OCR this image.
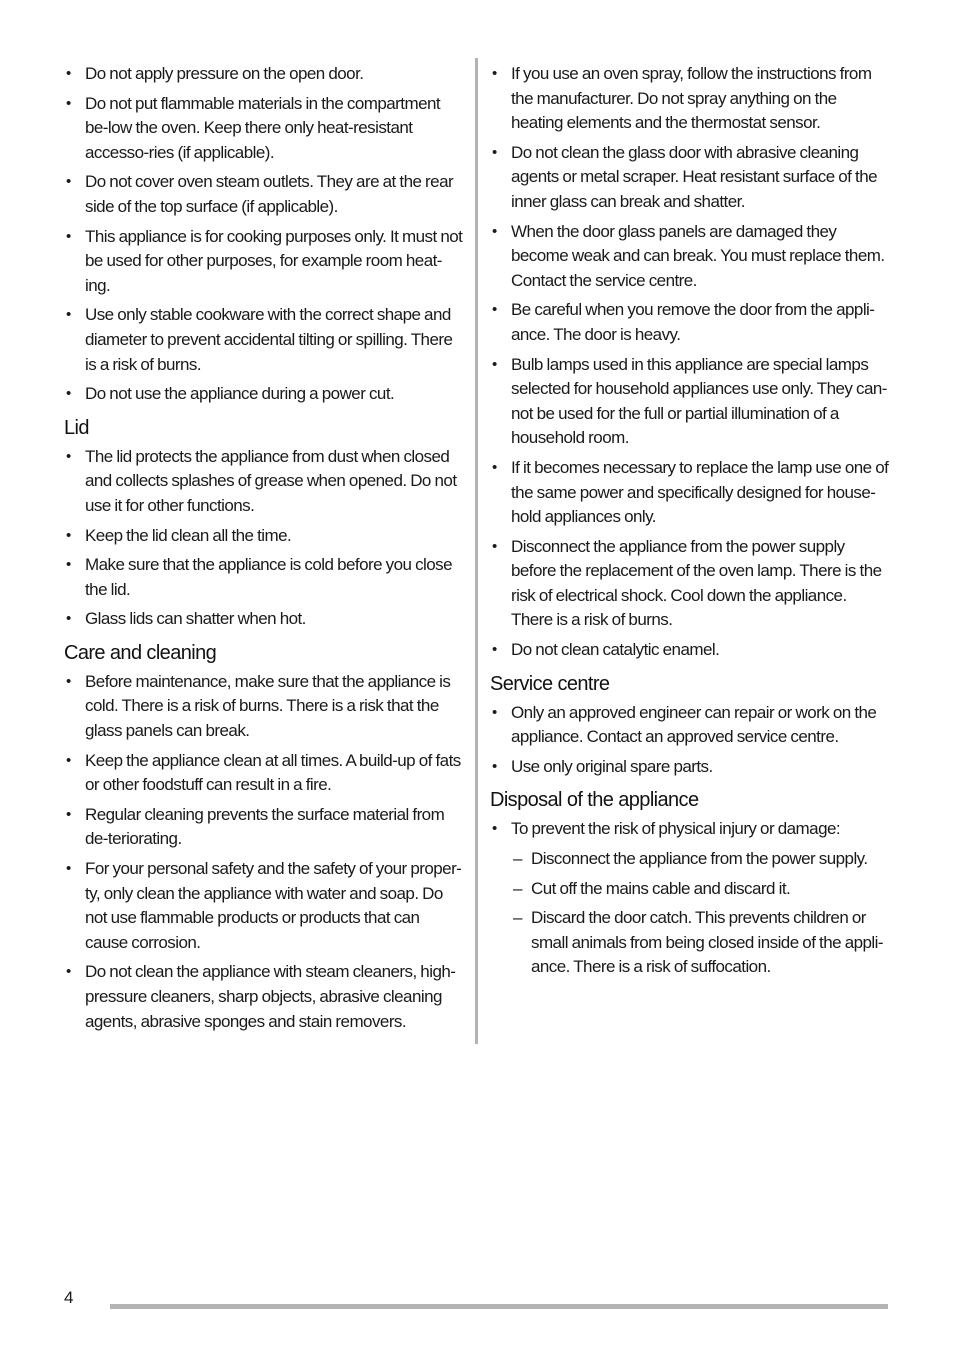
• Do not apply pressure on the open door.
• Do not put flammable materials in the compartment be-low the oven. Keep there only heat-resistant accesso-ries (if applicable).
• Do not cover oven steam outlets. They are at the rear side of the top surface (if applicable).
• This appliance is for cooking purposes only. It must not be used for other purposes, for example room heat-ing.
• Use only stable cookware with the correct shape and diameter to prevent accidental tilting or spilling. There is a risk of burns.
• Do not use the appliance during a power cut.
Lid
• The lid protects the appliance from dust when closed and collects splashes of grease when opened. Do not use it for other functions.
• Keep the lid clean all the time.
• Make sure that the appliance is cold before you close the lid.
• Glass lids can shatter when hot.
Care and cleaning
• Before maintenance, make sure that the appliance is cold. There is a risk of burns. There is a risk that the glass panels can break.
• Keep the appliance clean at all times. A build-up of fats or other foodstuff can result in a fire.
• Regular cleaning prevents the surface material from de-teriorating.
• For your personal safety and the safety of your proper-ty, only clean the appliance with water and soap. Do not use flammable products or products that can cause corrosion.
• Do not clean the appliance with steam cleaners, high-pressure cleaners, sharp objects, abrasive cleaning agents, abrasive sponges and stain removers.
• If you use an oven spray, follow the instructions from the manufacturer. Do not spray anything on the heating elements and the thermostat sensor.
• Do not clean the glass door with abrasive cleaning agents or metal scraper. Heat resistant surface of the inner glass can break and shatter.
• When the door glass panels are damaged they become weak and can break. You must replace them. Contact the service centre.
• Be careful when you remove the door from the appli-ance. The door is heavy.
• Bulb lamps used in this appliance are special lamps selected for household appliances use only. They can-not be used for the full or partial illumination of a household room.
• If it becomes necessary to replace the lamp use one of the same power and specifically designed for house-hold appliances only.
• Disconnect the appliance from the power supply before the replacement of the oven lamp. There is the risk of electrical shock. Cool down the appliance. There is a risk of burns.
• Do not clean catalytic enamel.
Service centre
• Only an approved engineer can repair or work on the appliance. Contact an approved service centre.
• Use only original spare parts.
Disposal of the appliance
• To prevent the risk of physical injury or damage:
– Disconnect the appliance from the power supply.
– Cut off the mains cable and discard it.
– Discard the door catch. This prevents children or small animals from being closed inside of the appli-ance. There is a risk of suffocation.
4
